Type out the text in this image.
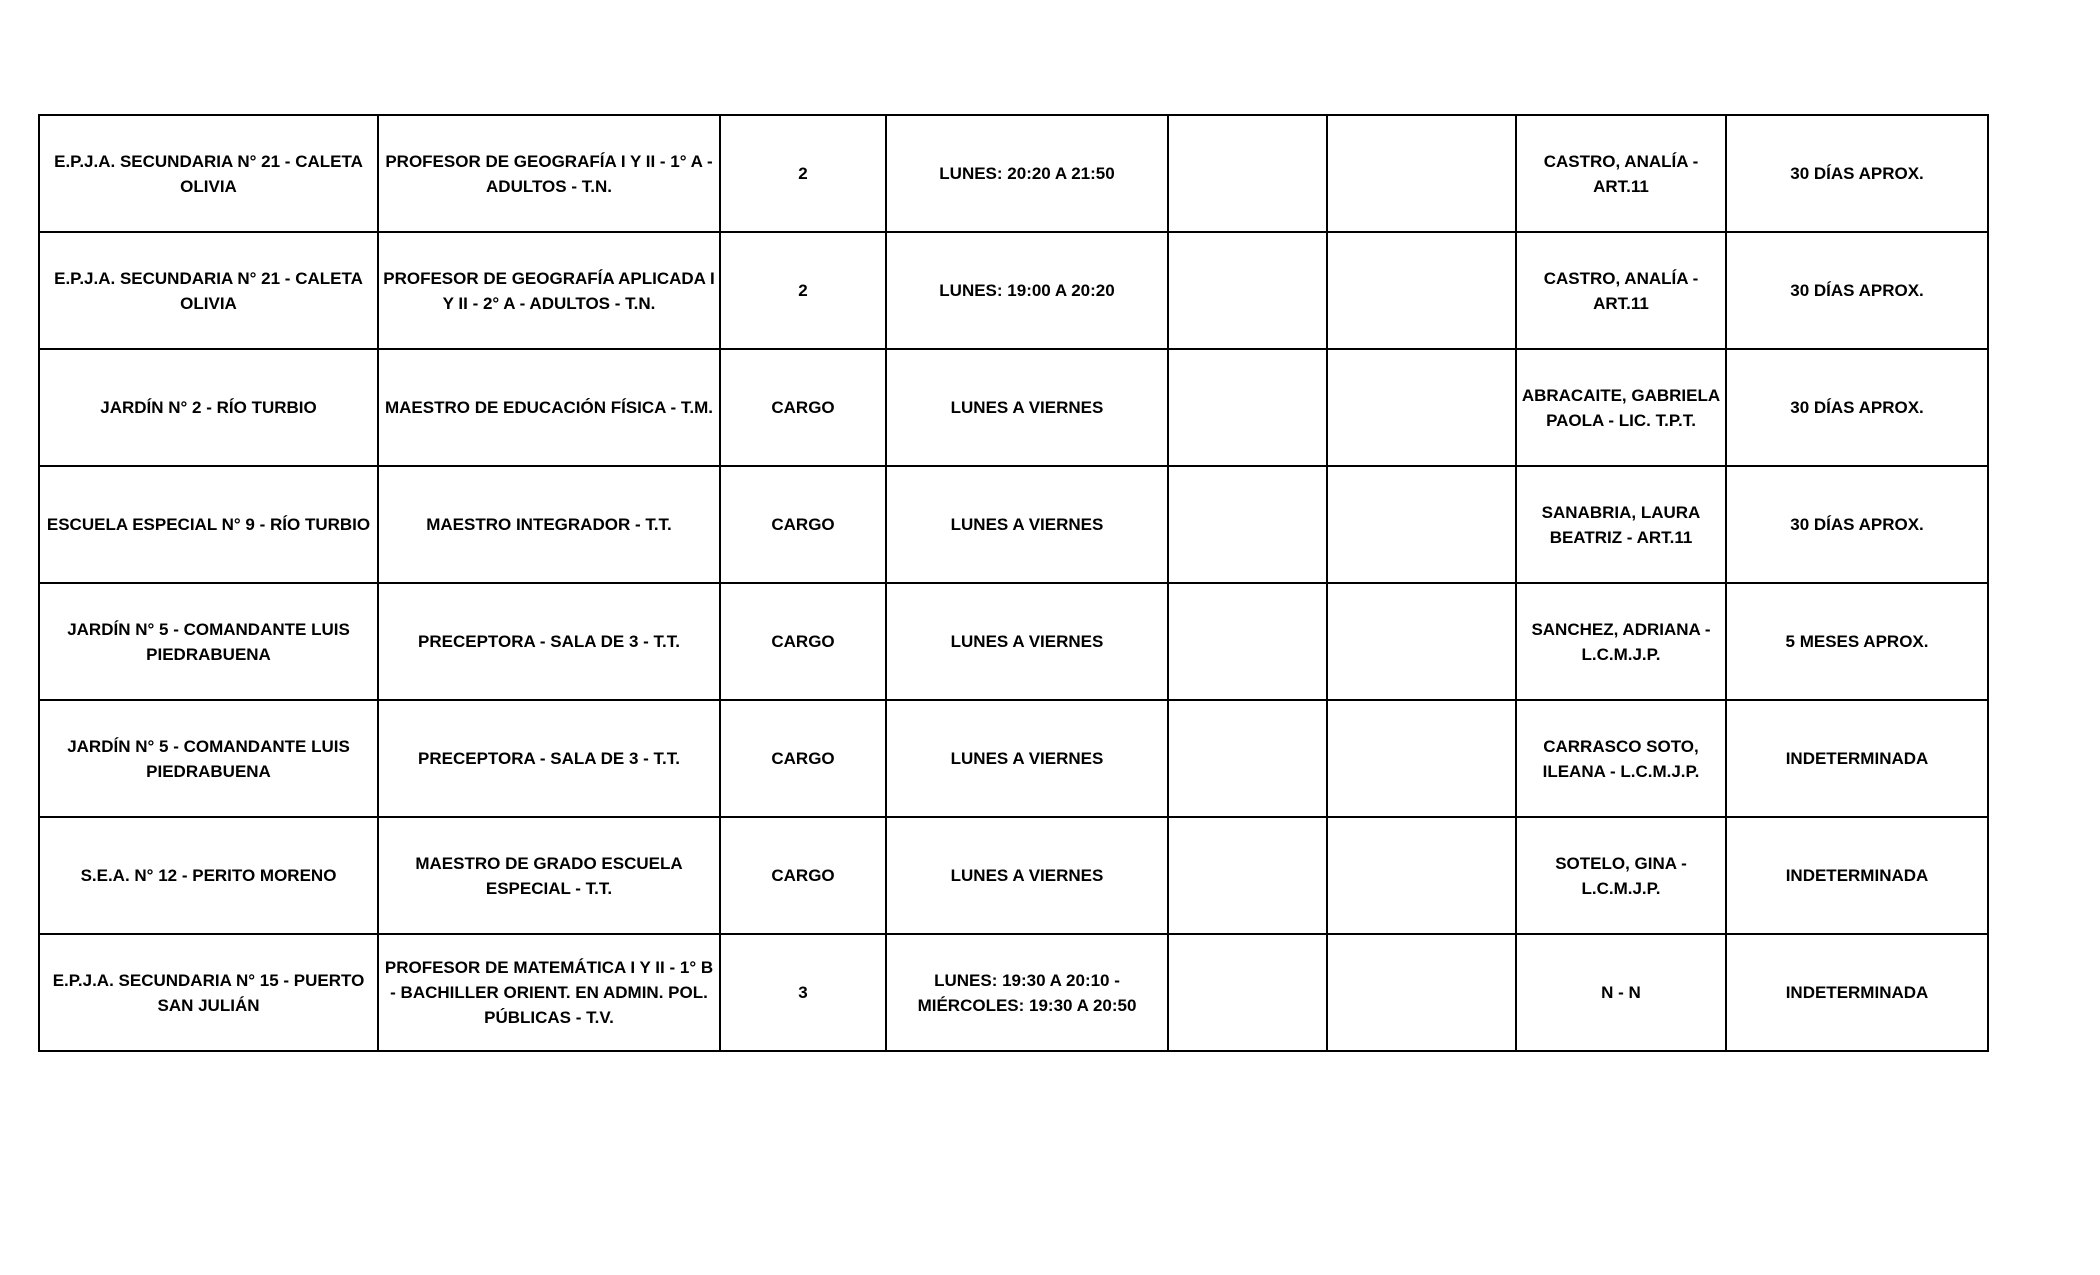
E.P.J.A. SECUNDARIA N° 21 - CALETA OLIVIA	PROFESOR DE GEOGRAFÍA I Y II - 1° A - ADULTOS - T.N.	2	LUNES: 20:20 A 21:50			CASTRO, ANALÍA - ART.11	30 DÍAS APROX.
E.P.J.A. SECUNDARIA N° 21 - CALETA OLIVIA	PROFESOR DE GEOGRAFÍA APLICADA I Y II - 2° A - ADULTOS - T.N.	2	LUNES: 19:00 A 20:20			CASTRO, ANALÍA - ART.11	30 DÍAS APROX.
JARDÍN N° 2 - RÍO TURBIO	MAESTRO DE EDUCACIÓN FÍSICA - T.M.	CARGO	LUNES A VIERNES			ABRACAITE, GABRIELA PAOLA - LIC. T.P.T.	30 DÍAS APROX.
ESCUELA ESPECIAL N° 9 - RÍO TURBIO	MAESTRO INTEGRADOR - T.T.	CARGO	LUNES A VIERNES			SANABRIA, LAURA BEATRIZ - ART.11	30 DÍAS APROX.
JARDÍN N° 5 - COMANDANTE LUIS PIEDRABUENA	PRECEPTORA - SALA DE 3 - T.T.	CARGO	LUNES A VIERNES			SANCHEZ, ADRIANA - L.C.M.J.P.	5 MESES APROX.
JARDÍN N° 5 - COMANDANTE LUIS PIEDRABUENA	PRECEPTORA - SALA DE 3 - T.T.	CARGO	LUNES A VIERNES			CARRASCO SOTO, ILEANA - L.C.M.J.P.	INDETERMINADA
S.E.A. N° 12 - PERITO MORENO	MAESTRO DE GRADO ESCUELA ESPECIAL - T.T.	CARGO	LUNES A VIERNES			SOTELO, GINA - L.C.M.J.P.	INDETERMINADA
E.P.J.A. SECUNDARIA N° 15 - PUERTO SAN JULIÁN	PROFESOR DE MATEMÁTICA I Y II - 1° B - BACHILLER ORIENT. EN ADMIN. POL. PÚBLICAS - T.V.	3	LUNES: 19:30 A 20:10 - MIÉRCOLES: 19:30 A 20:50			N - N	INDETERMINADA
